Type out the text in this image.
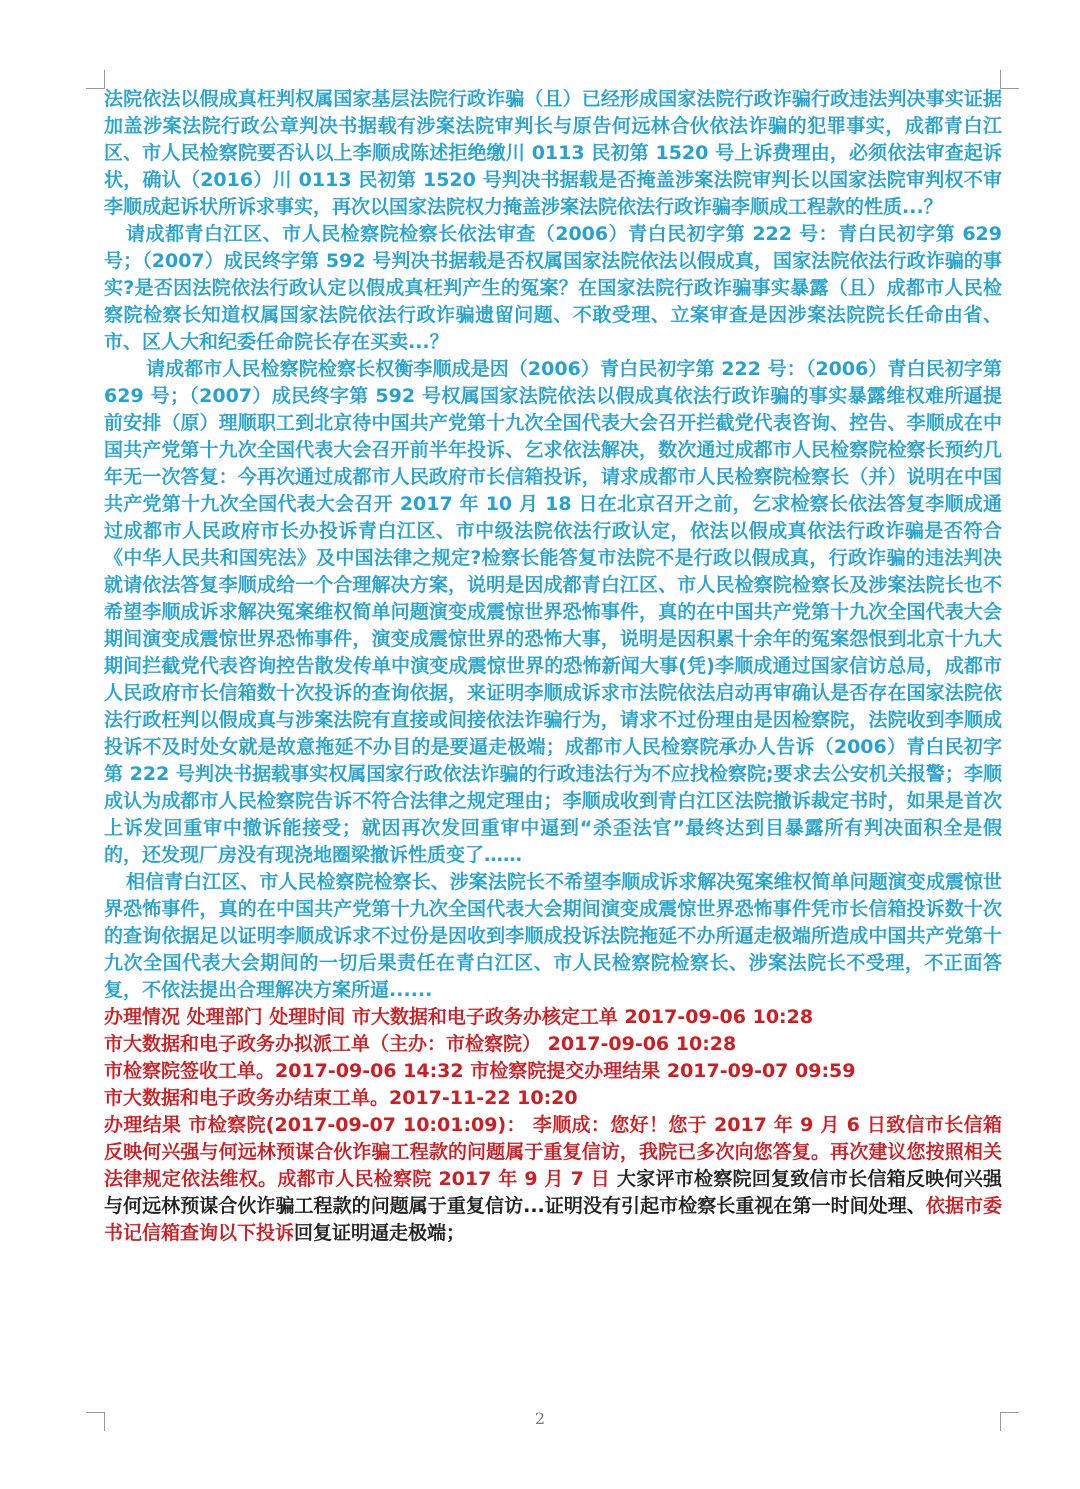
法院依法以假成真枉判权属国家基层法院行政诈骗（且）已经形成国家法院行政诈骗行政违法判决事实证据加盖涉案法院行政公章判决书据载有涉案法院审判长与原告何远林合伙依法诈骗的犯罪事实，成都青白江区、市人民检察院要否认以上李顺成陈述拒绝缴川 0113 民初第 1520 号上诉费理由，必须依法审查起诉状，确认（2016）川 0113 民初第 1520 号判决书据载是否掩盖涉案法院审判长以国家法院审判权不审李顺成起诉状所诉求事实，再次以国家法院权力掩盖涉案法院依法行政诈骗李顺成工程款的性质...？

请成都青白江区、市人民检察院检察长依法审查（2006）青白民初字第 222 号：青白民初字第 629 号；（2007）成民终字第 592 号判决书据载是否权属国家法院依法以假成真，国家法院依法行政诈骗的事实?是否因法院依法行政认定以假成真枉判产生的冤案？在国家法院行政诈骗事实暴露（且）成都市人民检察院检察长知道权属国家法院依法行政诈骗遗留问题、不敢受理、立案审查是因涉案法院院长任命由省、市、区人大和纪委任命院长存在买卖...？

请成都市人民检察院检察长权衡李顺成是因（2006）青白民初字第 222 号：（2006）青白民初字第 629 号；（2007）成民终字第 592 号权属国家法院依法以假成真依法行政诈骗的事实暴露维权难所逼提前安排（原）理顺职工到北京待中国共产党第十九次全国代表大会召开拦截党代表咨询、控告、李顺成在中国共产党第十九次全国代表大会召开前半年投诉、乞求依法解决，数次通过成都市人民检察院检察长预约几年无一次答复：今再次通过成都市人民政府市长信箱投诉，请求成都市人民检察院检察长（并）说明在中国共产党第十九次全国代表大会召开 2017 年 10 月 18 日在北京召开之前，乞求检察长依法答复李顺成通过成都市人民政府市长办投诉青白江区、市中级法院依法行政认定，依法以假成真依法行政诈骗是否符合《中华人民共和国宪法》及中国法律之规定?检察长能答复市法院不是行政以假成真，行政诈骗的违法判决就请依法答复李顺成给一个合理解决方案，说明是因成都青白江区、市人民检察院检察长及涉案法院长也不希望李顺成诉求解决冤案维权简单问题演变成震惊世界恐怖事件，真的在中国共产党第十九次全国代表大会期间演变成震惊世界恐怖事件，演变成震惊世界的恐怖大事，说明是因积累十余年的冤案怨恨到北京十九大期间拦截党代表咨询控告散发传单中演变成震惊世界的恐怖新闻大事(凭)李顺成通过国家信访总局，成都市人民政府市长信箱数十次投诉的查询依据，来证明李顺成诉求市法院依法启动再审确认是否存在国家法院依法行政枉判以假成真与涉案法院有直接或间接依法诈骗行为，请求不过份理由是因检察院，法院收到李顺成投诉不及时处女就是故意拖延不办目的是要逼走极端；成都市人民检察院承办人告诉（2006）青白民初字第 222 号判决书据载事实权属国家行政依法诈骗的行政违法行为不应找检察院;要求去公安机关报警；李顺成认为成都市人民检察院告诉不符合法律之规定理由；李顺成收到青白江区法院撤诉裁定书时，如果是首次上诉发回重审中撤诉能接受；就因再次发回重审中逼到“杀歪法官”最终达到目暴露所有判决面积全是假的，还发现厂房没有现浇地圈梁撤诉性质变了……

相信青白江区、市人民检察院检察长、涉案法院长不希望李顺成诉求解决冤案维权简单问题演变成震惊世界恐怖事件，真的在中国共产党第十九次全国代表大会期间演变成震惊世界恐怖事件凭市长信箱投诉数十次的查询依据足以证明李顺成诉求不过份是因收到李顺成投诉法院拖延不办所逼走极端所造成中国共产党第十九次全国代表大会期间的一切后果责任在青白江区、市人民检察院检察长、涉案法院长不受理，不正面答复，不依法提出合理解决方案所逼......

办理情况 处理部门 处理时间 市大数据和电子政务办核定工单 2017-09-06 10:28

市大数据和电子政务办拟派工单（主办：市检察院） 2017-09-06 10:28

市检察院签收工单。2017-09-06 14:32 市检察院提交办理结果 2017-09-07 09:59

市大数据和电子政务办结束工单。2017-11-22 10:20

办理结果 市检察院(2017-09-07 10:01:09)： 李顺成：您好！您于 2017 年 9 月 6 日致信市长信箱反映何兴强与何远林预谋合伙诈骗工程款的问题属于重复信访，我院已多次向您答复。再次建议您按照相关法律规定依法维权。成都市人民检察院 2017 年 9 月 7 日 大家评市检察院回复致信市长信箱反映何兴强与何远林预谋合伙诈骗工程款的问题属于重复信访...证明没有引起市检察长重视在第一时间处理、依据市委书记信箱查询以下投诉回复证明逼走极端；

2
